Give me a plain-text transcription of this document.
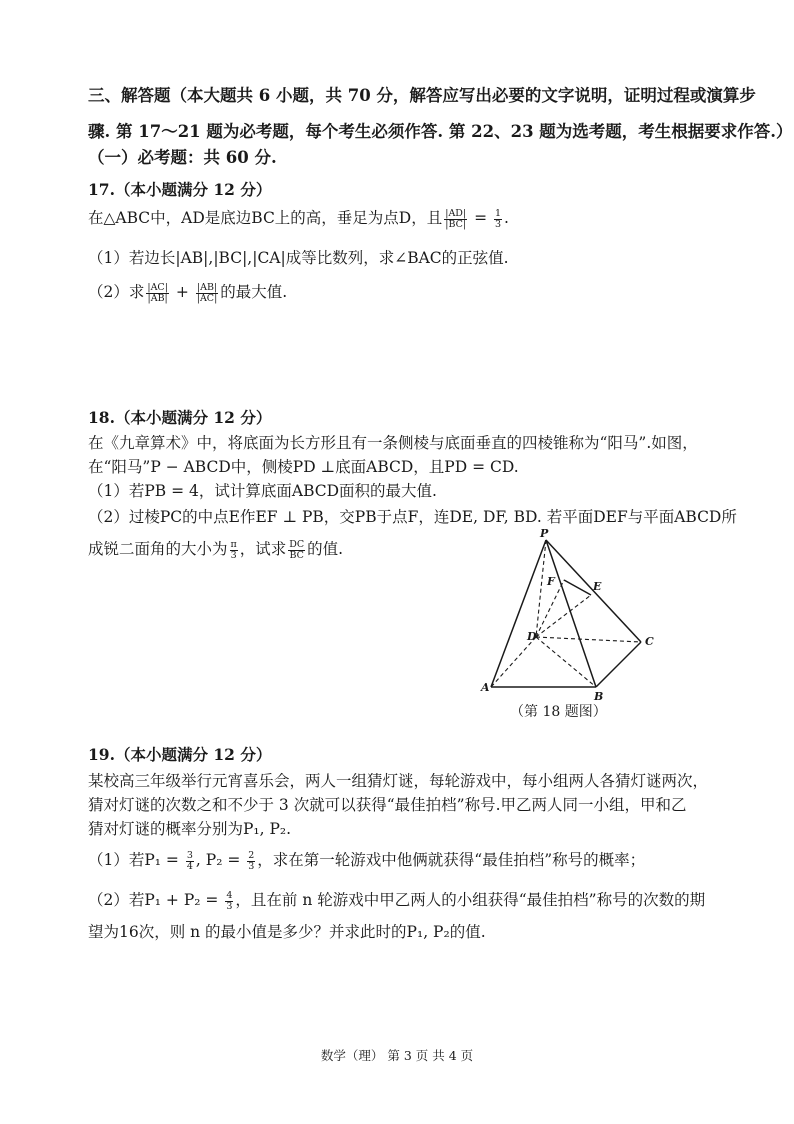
三、解答题（本大题共 6 小题，共 70 分，解答应写出必要的文字说明，证明过程或演算步
骤. 第 17～21 题为必考题，每个考生必须作答. 第 22、23 题为选考题，考生根据要求作答.）
（一）必考题：共 60 分.
17.（本小题满分 12 分）
在△ABC中，AD是底边BC上的高，垂足为点D，且 $\frac{|AD|}{|BC|} = \frac{1}{3}$ .
（1）若边长|AB|,|BC|,|CA|成等比数列，求∠BAC的正弦值.
（2）求 $\frac{|AC|}{|AB|} + \frac{|AB|}{|AC|}$ 的最大值.
18.（本小题满分 12 分）
在《九章算术》中，将底面为长方形且有一条侧棱与底面垂直的四棱锥称为“阳马”.如图，
在“阳马”P − ABCD中，侧棱PD ⊥底面ABCD，且PD = CD.
（1）若PB = 4，试计算底面ABCD面积的最大值.
（2）过棱PC的中点E作EF ⊥ PB，交PB于点F，连DE, DF, BD. 若平面DEF与平面ABCD所
成锐二面角的大小为 $\frac{\pi}{3}$ ，试求 $\frac{DC}{BC}$ 的值.
P
F	E
D	C
A
B
（第 18 题图）
19.（本小题满分 12 分）
某校高三年级举行元宵喜乐会，两人一组猜灯谜，每轮游戏中，每小组两人各猜灯谜两次，
猜对灯谜的次数之和不少于 3 次就可以获得“最佳拍档”称号.甲乙两人同一小组，甲和乙
猜对灯谜的概率分别为P₁, P₂.
（1）若$P_1 = \frac{3}{4}$ , $P_2 = \frac{2}{3}$ ，求在第一轮游戏中他俩就获得“最佳拍档”称号的概率；
（2）若$P_1 + P_2 = \frac{4}{3}$ ，且在前 n 轮游戏中甲乙两人的小组获得“最佳拍档”称号的次数的期
望为16次，则 n 的最小值是多少？并求此时的P₁, P₂的值.
数学（理） 第 3 页 共 4 页
